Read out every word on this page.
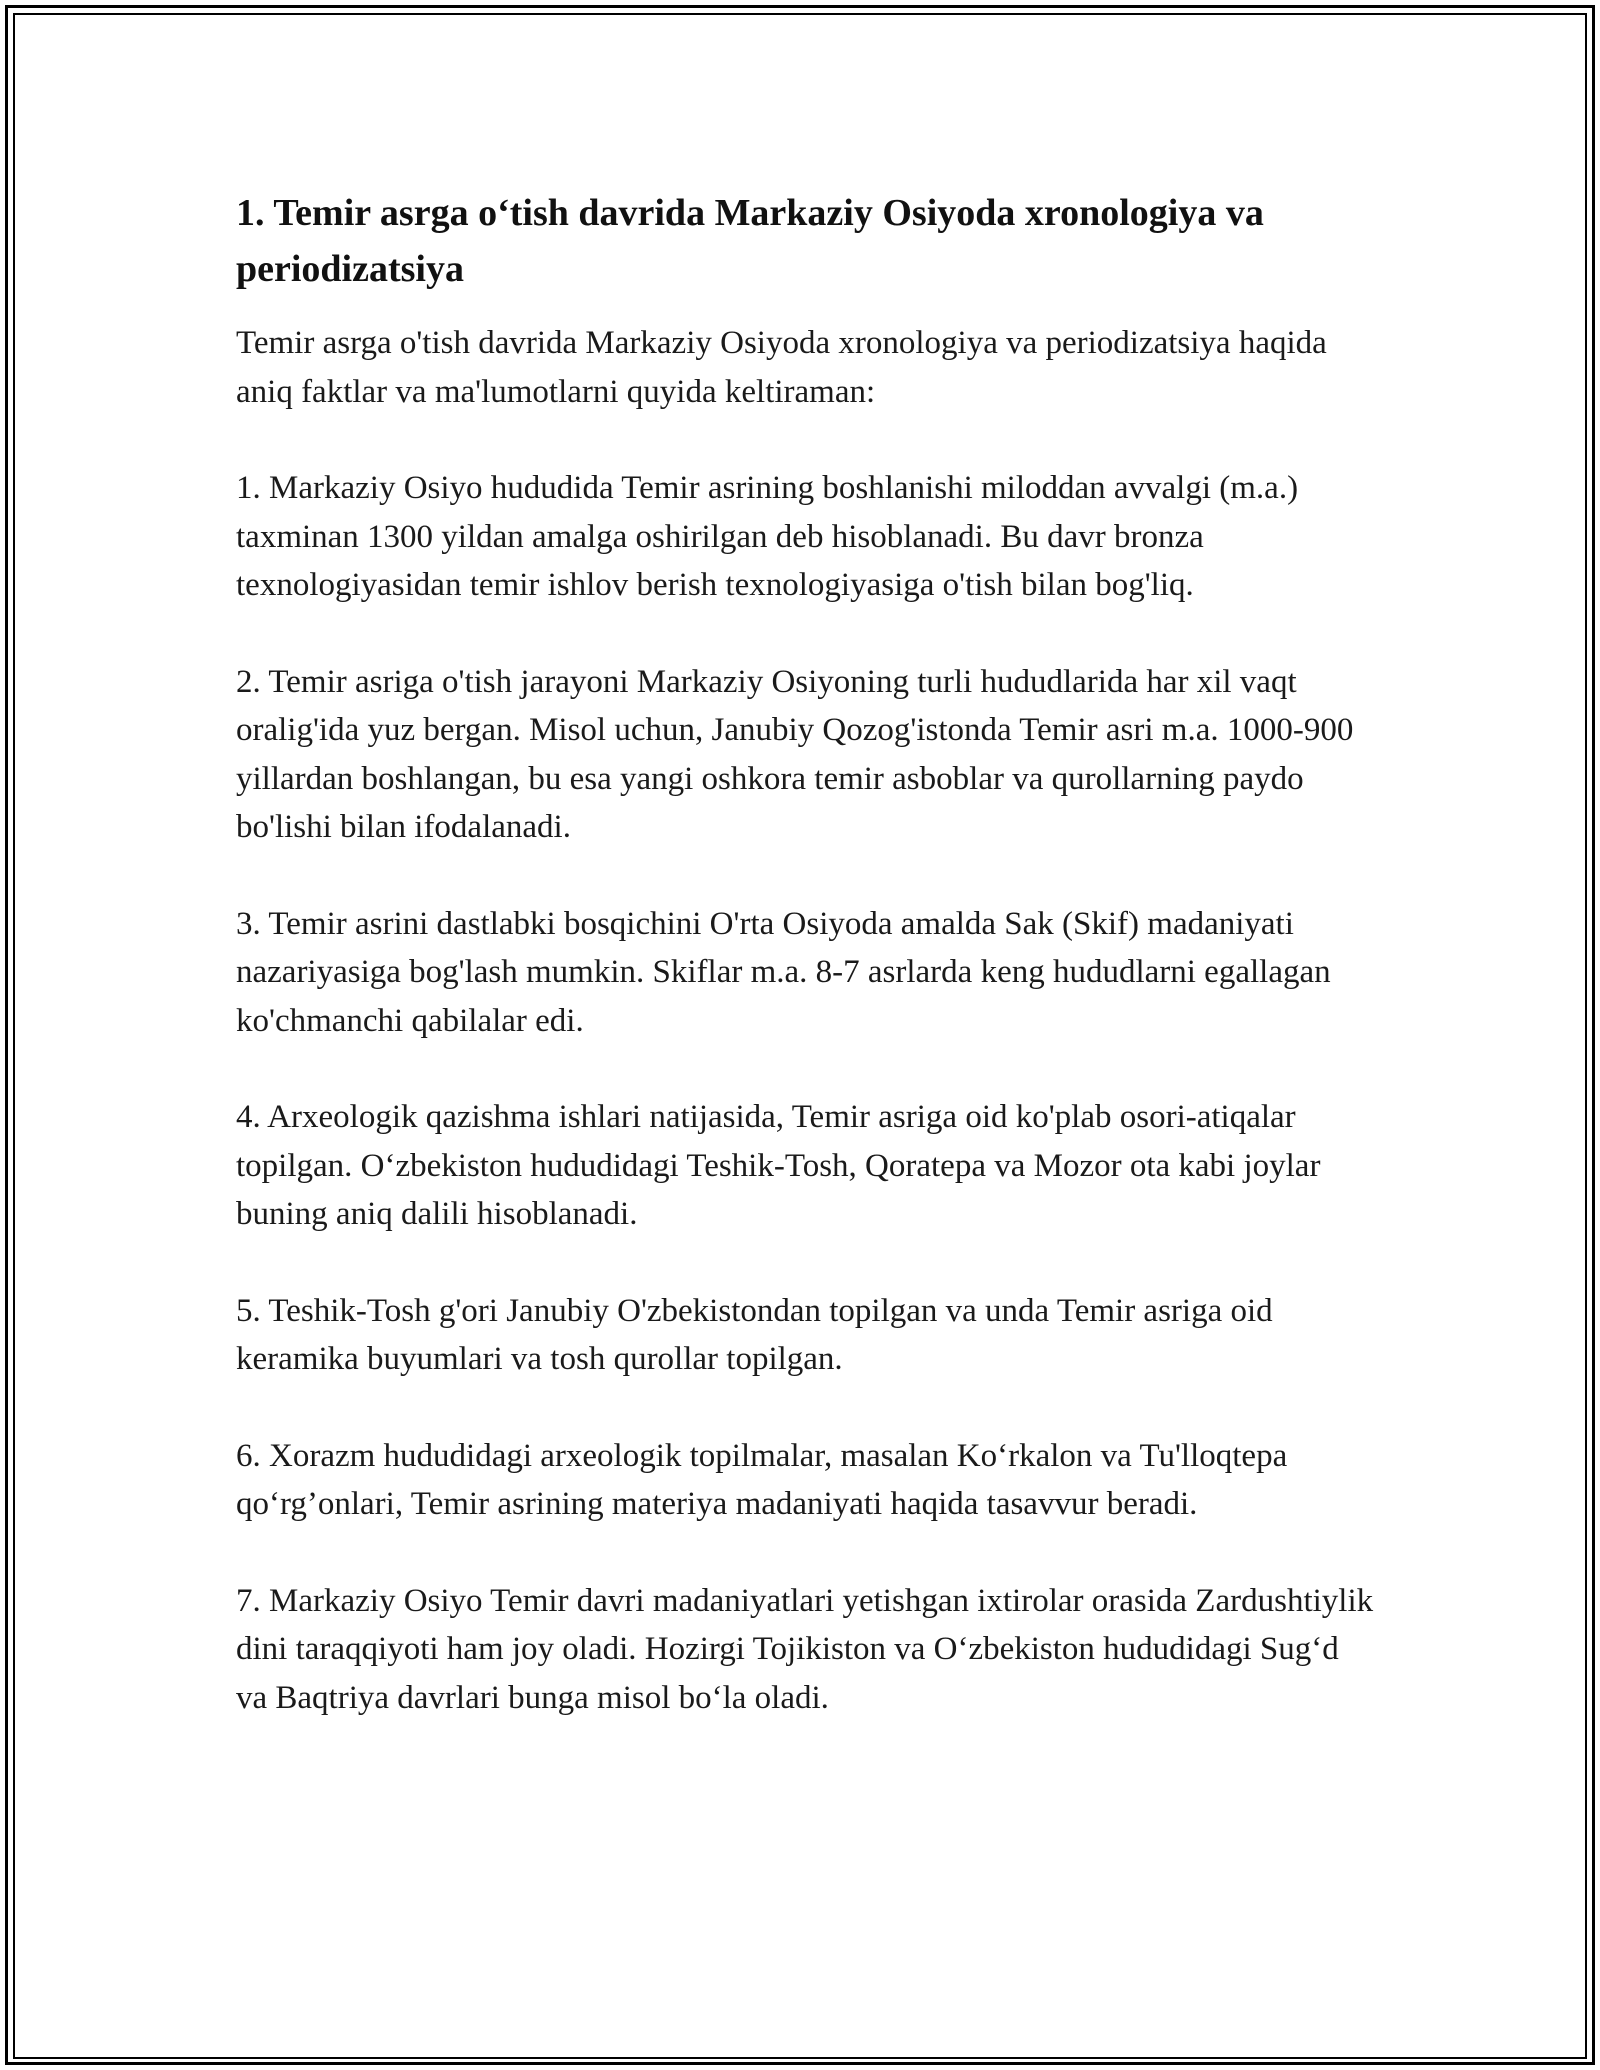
1. Temir asrga o‘tish davrida Markaziy Osiyoda xronologiya va periodizatsiya

Temir asrga o'tish davrida Markaziy Osiyoda xronologiya va periodizatsiya haqida aniq faktlar va ma'lumotlarni quyida keltiraman:

1. Markaziy Osiyo hududida Temir asrining boshlanishi miloddan avvalgi (m.a.) taxminan 1300 yildan amalga oshirilgan deb hisoblanadi. Bu davr bronza texnologiyasidan temir ishlov berish texnologiyasiga o'tish bilan bog'liq.

2. Temir asriga o'tish jarayoni Markaziy Osiyoning turli hududlarida har xil vaqt oralig'ida yuz bergan. Misol uchun, Janubiy Qozog'istonda Temir asri m.a. 1000-900 yillardan boshlangan, bu esa yangi oshkora temir asboblar va qurollarning paydo bo'lishi bilan ifodalanadi.

3. Temir asrini dastlabki bosqichini O'rta Osiyoda amalda Sak (Skif) madaniyati nazariyasiga bog'lash mumkin. Skiflar m.a. 8-7 asrlarda keng hududlarni egallagan ko'chmanchi qabilalar edi.

4. Arxeologik qazishma ishlari natijasida, Temir asriga oid ko'plab osori-atiqalar topilgan. O‘zbekiston hududidagi Teshik-Tosh, Qoratepa va Mozor ota kabi joylar buning aniq dalili hisoblanadi.

5. Teshik-Tosh g'ori Janubiy O'zbekistondan topilgan va unda Temir asriga oid keramika buyumlari va tosh qurollar topilgan.

6. Xorazm hududidagi arxeologik topilmalar, masalan Ko‘rkalon va Tu'lloqtepa qo‘rg’onlari, Temir asrining materiya madaniyati haqida tasavvur beradi.

7. Markaziy Osiyo Temir davri madaniyatlari yetishgan ixtirolar orasida Zardushtiylik dini taraqqiyoti ham joy oladi. Hozirgi Tojikiston va O‘zbekiston hududidagi Sug‘d va Baqtriya davrlari bunga misol bo‘la oladi.
